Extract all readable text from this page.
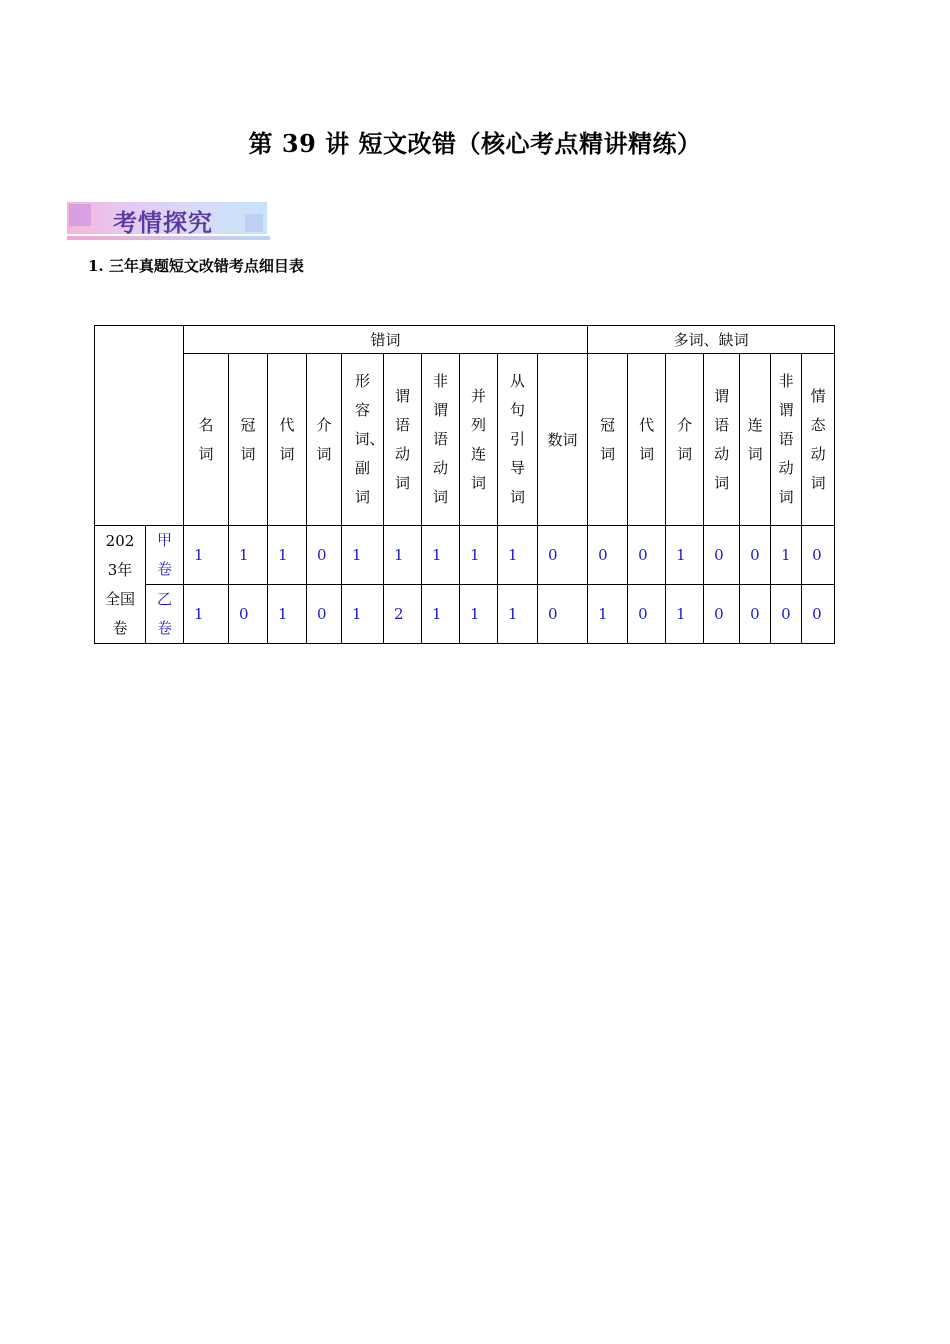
第 39 讲 短文改错（核心考点精讲精练）
考情探究
1. 三年真题短文改错考点细目表
		错词										多词、缺词						
		名词	冠词	代词	介词	形容词、副词	谓语动词	非谓语动词	并列连词	从句引导词	数词	冠词	代词	介词	谓语动词	连词	非谓语动词	情态动词
2023年全国卷	甲卷	1	1	1	0	1	1	1	1	1	0	0	0	1	0	0	1	0
	乙卷	1	0	1	0	1	2	1	1	1	0	1	0	1	0	0	0	0
